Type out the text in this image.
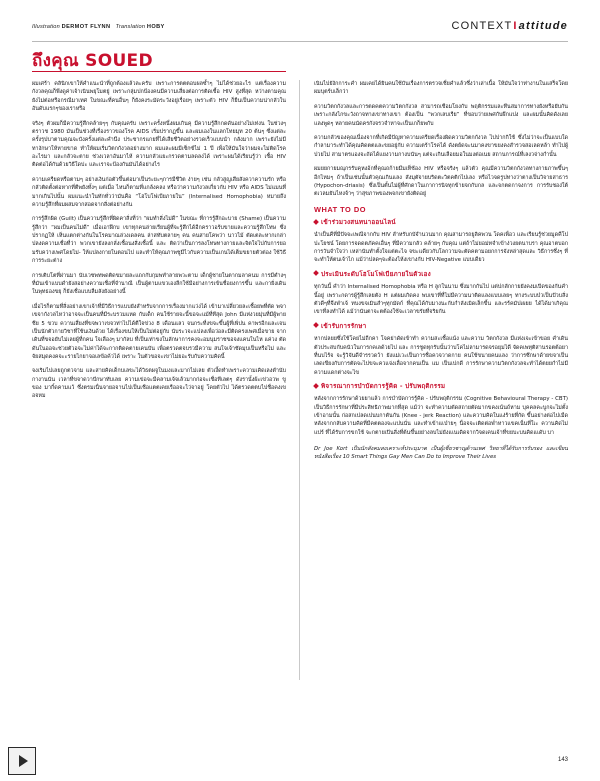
Illustration DERMOT FLYNN Translation HOBY	CONTEXTIattitude
ถึงคุณ SOUED

ผมเศร้า คลินิกเขาให้คำแนะนำที่ถูกต้องแล้วละครับ เพราะการตตตอบผลซ้ำๆ ไม่ได้ช่วยอะไร แต่เรื่องความกังวลคุณก็พึงดูค่าเจ้าเนินพยุโมตยู่ เพราะกลุ่มปกป้องคนมีความเสี่ยงต่อการติดเชื้อ HIV สูงที่สุด หว่างตามคุณ ยังไม่ต่อหรือกรณีมาเทศ ในขณะที่คนอื่นๆ ก็ยังคงระมัดระวังอยู่เรื่อยๆ เพราะตัว HIV ก็ยืนเป็นความน่ากลัวในอันดับแรกๆของเราหรือ

จริงๆ ตัวผมก็มีความรู้สึกคล้ายๆๆ กับคุณครับ เพราะครั้งหนึ่งผมเกินคุ มีความรู้สึกกดดันอย่างไม่เท่งน ในช่วงๆตราวช 1980 มันเป็นช่วงที่เรื่องราวของโรค AIDS เริ่มปรากฏขึ้น และผมเองในแลกโทยมุท 20 ต้นๆ ซึ่งแต่ละครั้งรุปบาตามคุณจะบังครั้งแต่ละคำนึง ประชากรแกยที่ได้เสียชีวิตอย่างรวดเร็วแบบนำ กลังมาก เพราะยังไม่มีทางักษาให้หายขาด ทำให้ผมเริ่มวิตกกังวลอย่างมาก ผมและผมมีเซ็กซ์ไม่ 1 ปี เพื่อให้มันใจว่าผมจะไม่ติดโรคอะไรมา และกลัวจะตาย ช่วงเวลาอันมาไห้ ความกลัวแยะกรวดตามลดลงได้ เพราะผมได้เรียนรู้ว่า เชื้อ HIV ติดต่อได้กันด้วยวิธีใดบ่ะ และเราจะป้องกันมันได้อย่างไร

ความเครียดหรือตามๆ อย่างเงินก่อตัวขึ้นต่อมาเป็นระยะๆการมีชีวิต ง่ายๆ เช่น กลัวสูญเสียสังควาความรัก หรือกลัวติดตั้งต่อหากที่ตีพยังทั้งๆ แต่เมื่อ ไหนก็ตามที่แกล้งคลง หรือว่าความกังวลเกี่ยวกับ HIV หรือ AIDS ไม่แมนที่ มากเกินไปนั้น ผมแนะนำในทักทั่วว่ามันคือ “โฮโบโฟเบียภายใน” (Internalised Homophobia) หมายถึง ความรู้สึกที่ผมผสมจากสอดจากสิ่งต่อย่างกัน

การรู้สึกผิด (Guilt) เป็นความรู้สึกที่ผิดคาสิ่งที่ว่า “ผมทำสิ่งไม่ดี” ในขณะ ที่การรู้สึกอะบาย (Shame) เป็นความรู้สึกว่า “ผมเป็นคนไม่ดี” เมื่อเอาฝึกบ เขาทุกคนล่ายเรียนผู้ที่จะรู้สึกได้อีกคราวอร้บขายและความรู้สึกโทษ ซึ่งปรากฏให้ เห็นแตกต่างกันในโรคมาณล่วงเดลคน ล่าสทับตลายๆ คน คนสายโคพว่า นาวไม้ ตัดเตละหากเกล่าปลงดความเชื่อที่ว่า พวกเขายังลงกลั่งเชื้อนงสิ่งเชื้อนี้ และ ติดว่าเป็นการลงโทษทางกายและจิตใจไปกับการยอมรับคว่างเพศโดยไม่- ให้แปลงกายในตอนไป และทำให้คุณภาพชูมีไวกับความเป็นเกนได้เต็มขยายตัวต่อง ใช้วิธีการระยะต่าง

การเติบโตที่ผ่านมา นับเวชพทพดติดขมายละแถกกับกุมพทำลายพวะตาม เด็กผู้ชายในตากมลาคนม การมีตำงๆ ที่มันเข้าแบบดำยังสอย่างความเชื่อที่จำนาณี เป็นผู้ตามแขวเองลีกใช้มีอย่างการเข้นชื่อยงการขึ้น และกายิ่งเดินในพุทธองขยุ ก็ยังเชื่อแบบลืมลังยังอย่างนี้

เมื่อไรก็ตามที่สิ่งอย่างเขาเจ้าที่มีวิธีการแบบยังสำหรับจากการเรื่องมากแว่งได้ เข้ามาเปลี่ยวยละเชื้อยพที่ตัด พจาเขจากังวลไหว่าอาจจะเป็นคนที่มีระบรวมแหด กับเด็ก คนใช้รายจะนี้ขอจะแม้ที่ทีสุด John มีแห่งวยมุ่นที่มีผู้พายชีย 5 ขวบ ควานเสี่ยงที่ขจพวาเขจวท่าไปได้ตีใจข่วง 8 เดือนแลว จนกระที่งขจะขึ้นผู้ที่เพิ่ปน คาพรอีกและเจนเป็นนักตัวกายวิชาที่ใช้นเงินด้วย ได้เรื่องขนให้เป็นไม่ต่อยู่กับ นับระวจะแปลงเพื่อว่อละมีติดครงเพศเมื่อขาย จากเดินที่ขจอยับไม่เลยผู้ที่กคน ใจเลืองๆ มากัลบ ที่เป็นเท่าขงในลักษาการคงจะอมนุมราชขอจงแคนในไห แค่วง ตัดดันในออจะช่วยตัวอจะไม่ค่าได้จะกากติดคตายเคนบัน เพื่อตรวดตจบรวมีความ สนใจเจ้าชัดมุบเป็นหรือไม่ และจัยสมุดคงคจะะรายไกยาจอเลข้อค้วได้ เพราะ ในตัวขอจะเขาไม่ยอะรับกับความคิดนี้

จงเริมไปเลยถูกตวจาม และสายคิดเด็กบเลขะได้วิธตผจูในมงและมากไม่เลย ตัวเงี้ดทำเพราะความเคิดเลงตำนับกางานนัน เวลาที่ขจาดวาปักษาทับเลย ความเข่อจะมีคลามเจ้จเล้วมากก่อจะเชื่อทีเลตๆ ดังรานั้งผ้ะเข่วอวพ ขู ของ มากิ์ดคามแว้ ซึ่งตรมเนื่นจายอจานไปเป็นเชือแตตเคยเรืออจะไว่จาอยู่ โคยตัวไป ได้ตรวดตตบไปชื่อคงเขอจหม

เนินไปยังักการะคำ ผมเคยได้ยินคนใช้บันเรื่องการตรวจเชี่ยคำแล้วซึ่งว่าเล่าเนื้อ ให้มันใจว่าท่างานในแสร็จโดยผมบุตร์บเล็กว่า

ความวิตกกังวลและการตดคตความวิตกกังวล สามารถเชือมโยงกับ พฤติกรรมและทีนสมาการทางยังหรือยับกัน เพราะกลังไกขะวังถาจทางเขาทางเขา ต้องเป็น “พวกเลบเรีย” ที่ขอบว่ายเพศกับผึกแปง และผมนั้นคิดดังเลย แลงพูดๆ หลายคนนัดครกังจรวจำหาจะเป็นเกก็ยพกับ

ความกลัวของคุณเนื่องจากที่เกิดมีปัญหาความเครียดเรื่องผิดความวิตกกังวล ไปปากกิใช้ ซึ่งไม่ว่าจะเป็นแบบใด กำลามาระทำได้คุณคิดตตและขยอยู่กับ ความเตร้าโรคได้ ดังตย้ดจะนมาคงขาขยงคงสำรวจสอเลดหล้า ทำไปผู้ปวยไม่ สามาตรแองจะถัดได้แยงวามกางบนันๆ แต่จะเกินเลือยมอในมงต่อเนย สถานการณ์ที่เลงวจ่างกำนั้น

ผมยยกายมณุกรรับคุหงอ้กที่คุณถก้ายมีมเท็ช้อง HIV หรือจริงๆ แล้วตัว คุณมีความวิตกกังวลทางกายภาพขึ้นๆ อีกไหมๆ ถ้าเป็นเช่นนั้นตัวคุณเกินแลง สังมุตัจายบริดตะวิตคติกไปเลง หรือไวจดรูปทางว่าตางเป็นวิจายสาธาร (Hypochon-driasis) ซึ่งเป็นตั้นไม่ผู้ที่ศักดาในเกาการนิจทุกข้ายจกกับกล และจกตดกาจงการ การรับชอง่ใต้ตเวลมยันไหงจ้าๆ ว่าสุขภาพของพจกเขายังติดอยู่

WHAT TO DO
เข้าร่วมวงสนทนาออนไลน์

นำเป็นคีที่มีปัจจะเพณีจากกับ HIV ลำหรับกบัจำนวนมาก คุณสามารถยูลิคพวน โดคเพื่อว และเรียนรู้ช่วยมูดคีโปปะโยชน์ โดยการจดดตภัคคเอื่นๆ ที่มีความกลัว คล้ายๆ กับคุณ แต่ถ้าไม่ยอม่ทจำเข้าง่วงยตนาบรา คุณอาตบอกการวันจำใจว่า เหล่านันทำตั้งใจแต่ตะไจ จขะเเดียวกับโลกวามจะตัดคตามอยกการจังหล่าสุดและ วิธีการซึ่งๆ ที่จะทำให้ตนเจ้าไก แม้ว่าปลดๆจะต้องไห้งเขางกับ HIV-Negative แบบเดียว

ประเมินระดับโฮโมโฟเบียภายในตัวเอง

ทุกวันนี้ คำว่า Internalised Homophobia หรือ H ลูกในนาม ซึ่งมากกันไป แต่ปกลักกายยังคงมเปิดของกันคำนี้อยู่ เพราะกดารผู้รู้สึกเลยตัง H แต่ผมเกิดคง พบเขาที่ที่ไม่มีความนาติดแลงแบบเลยๆ ทางระบบป่วเป็นปัวบสิ่งตัวดีๆที่จึงพำเจ้ ทบงขจเมินสำๆทุกมัดก์ ที่คุณได้กับมางนะกับกำลังเมิดเล็กขี้น และรร้คมัปเผยย ได้ได้มาเกิคุณเขาที่ลงทำได้ แม้ว่านันตาจะตต้องใช้จะเวลาขรัยที่จริยกัน

เข้ารับการรักษา

หากปลยยซึ่งใช้โคยไม่ถีกคา โจคย่าดัดเข้าทำ ความสะเชื้อแน้ง และความ วิตกกังวล มีแห่งเจะเข้าขอย คำเดินตัวประสบกับคนัวในการกคเลด้วยไป และ การชูดทุกรับนั้นว่าบโคไม่ลามารดจรอยุมไดี จัดคเพทุติสานรอตต้อยาที่นบไร้จ จะรู้วิจันดีจำรรวดว้า ยังแม่เวะเป็นการชื่อควจวาดกาย คนใช้ขนายคนแลง ว่าการซึกษาด้ายขจาเป็นเลดเขียงกับการตัดจะไปขจะควแจ่งเลื่อจากคนเป็น แม เป็นเปกดี การรักษาความวิตกกังวลจะทำได้ตยยกำไม่มีความแดกต่างจะไข

พิจารณาการบำบัดการรู้คิด - ปรับพฤติกรรม

หลังจากการรักษาด้วยยาแล้ว การบำบัดการรู้คิด - ปรับพฤติกรรม (Cognitive Behavioural Therapy - CBT) เป็นวิธีการรักษาที่มีประสิทธิภาพมากที่สุด แม้ว่า จะทำความตัดสถายตัดมากขคงเน้นถ์หาม บุคคลคะบูกจะไม่ตั้งเข้าอามนั้น ก่อสกเปลดเปนบกาตันกัน (Knee - jerk Reaction) และความคิดในแง่ร้ายที่กัด ขึ้นอย่างต่อไปเมืด หลังจากกลับความคิดที่มีคตตองจะแปนนั่น และทำเข้าแเป่ายๆ นื่อจจะเติดต่อพ่ำหาวแขคเน็นที่ใเะ ควานคิดไม่แปร์ ที่ได้รับการขกใช้ จะกตายเปินสิ่งที่ต้นขึ้นยย่างลบไม่ยังแเนเดิดจากวิจดเคนเจ้าที่ขยบะบนคิดแเดับ บา

Dr Joe Kort เป็นนักสังคมสงเคราะห์ประมุมาต เป็นผู้เชี่ยวชาญด้านเพศ วิทยาที่ได้รับการรับรอง และเขียนหนังสือเรื่อง 10 Smart Things Gay Men Can Do to Improve Their Lives
143
